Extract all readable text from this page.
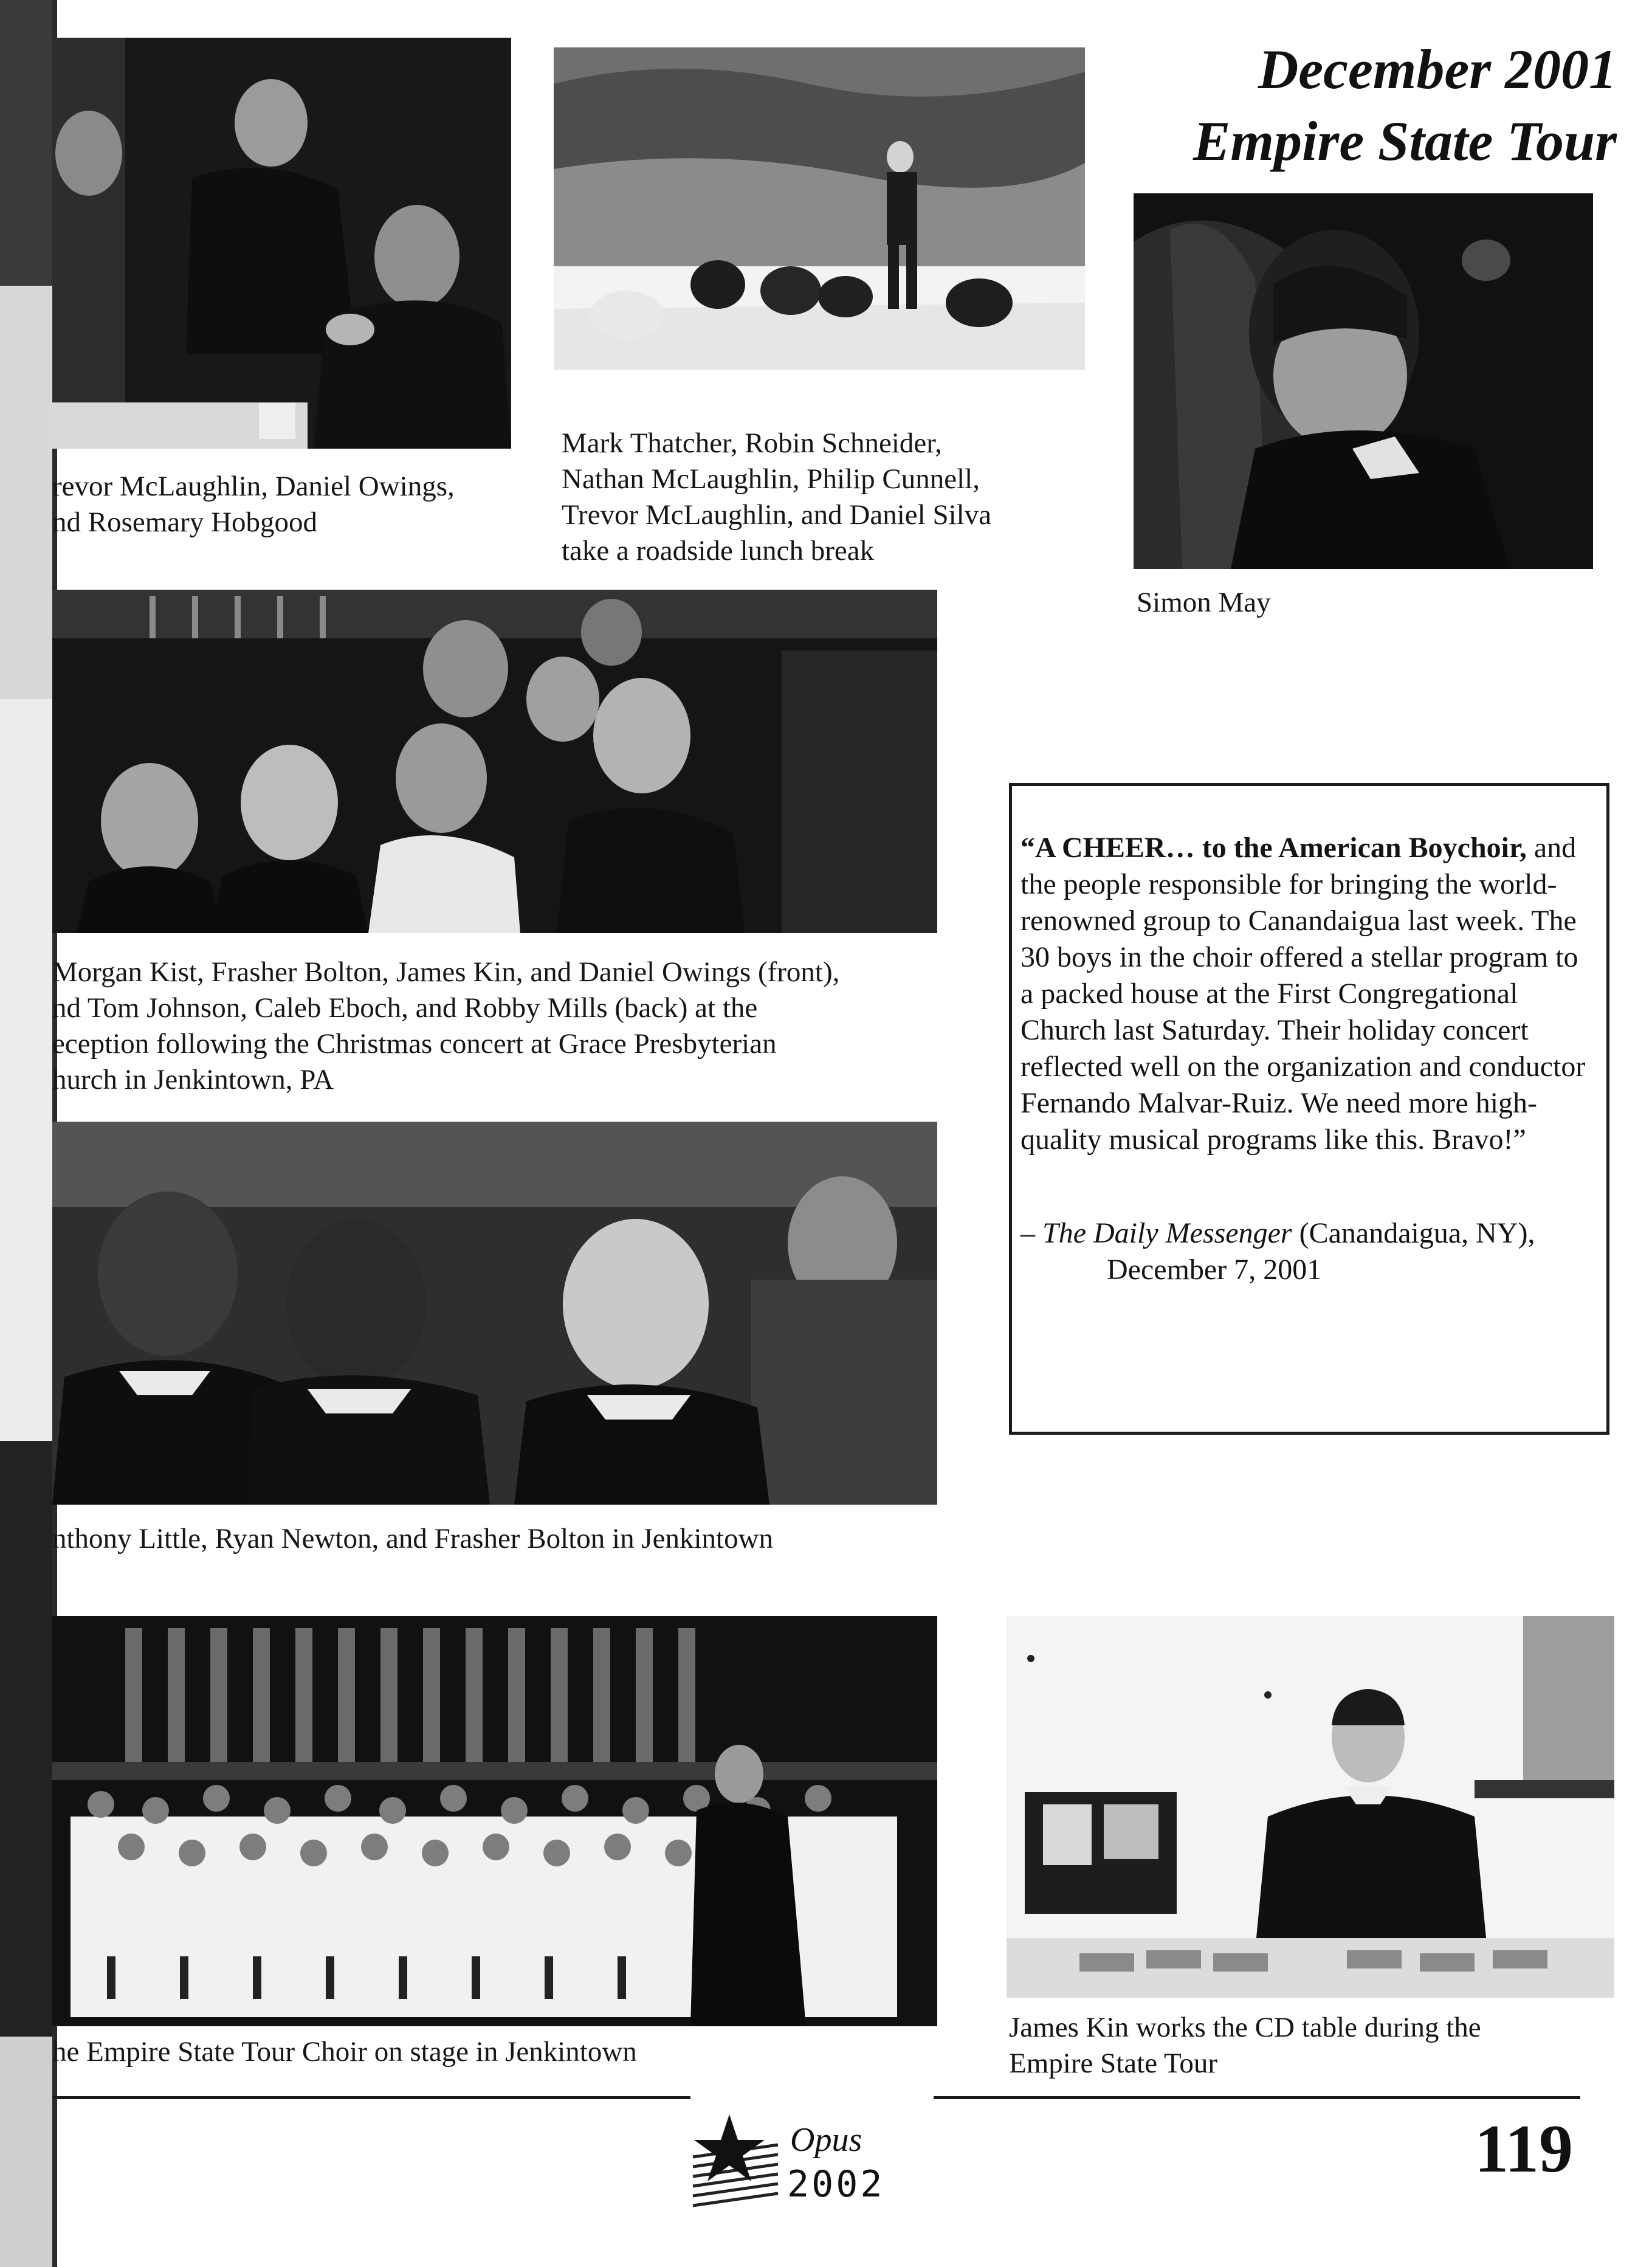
December 2001
Empire State Tour
revor McLaughlin, Daniel Owings,
nd Rosemary Hobgood
Mark Thatcher, Robin Schneider,
Nathan McLaughlin, Philip Cunnell,
Trevor McLaughlin, and Daniel Silva
take a roadside lunch break
Simon May
Morgan Kist, Frasher Bolton, James Kin, and Daniel Owings (front),
nd Tom Johnson, Caleb Eboch, and Robby Mills (back) at the
eception following the Christmas concert at Grace Presbyterian
hurch in Jenkintown, PA
nthony Little, Ryan Newton, and Frasher Bolton in Jenkintown
he Empire State Tour Choir on stage in Jenkintown
James Kin works the CD table during the
Empire State Tour

“A CHEER… to the American Boychoir, and the people responsible for bringing the world-renowned group to Canandaigua last week. The 30 boys in the choir offered a stellar program to a packed house at the First Congregational Church last Saturday. Their holiday concert reflected well on the organization and conductor Fernando Malvar-Ruiz. We need more high-quality musical programs like this. Bravo!”

– The Daily Messenger (Canandaigua, NY),
December 7, 2001

Opus
2002	119
